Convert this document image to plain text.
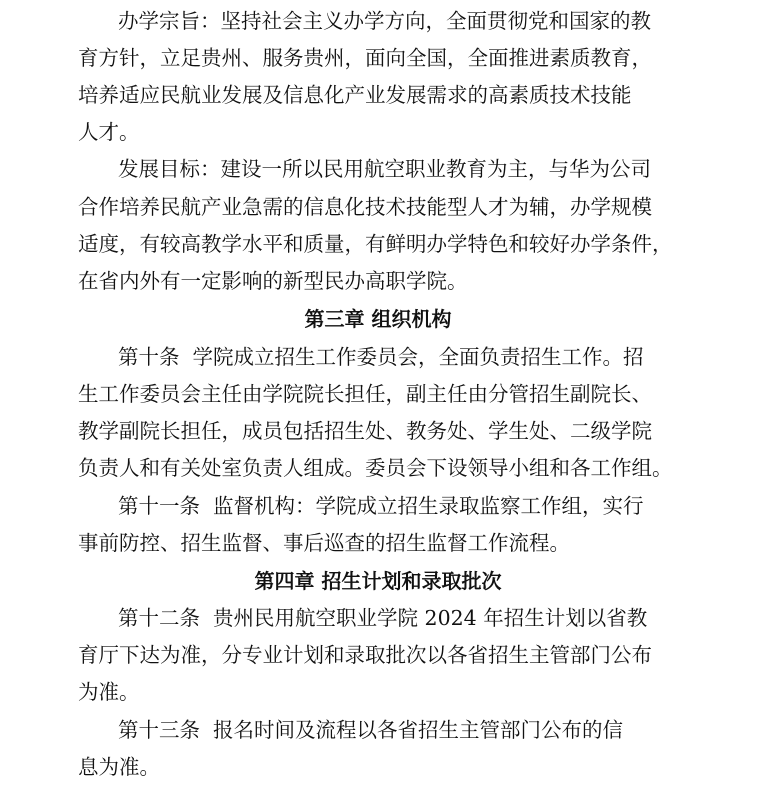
办学宗旨：坚持社会主义办学方向，全面贯彻党和国家的教
育方针，立足贵州、服务贵州，面向全国，全面推进素质教育，
培养适应民航业发展及信息化产业发展需求的高素质技术技能
人才。
发展目标：建设一所以民用航空职业教育为主，与华为公司
合作培养民航产业急需的信息化技术技能型人才为辅，办学规模
适度，有较高教学水平和质量，有鲜明办学特色和较好办学条件，
在省内外有一定影响的新型民办高职学院。
第三章 组织机构
第十条  学院成立招生工作委员会，全面负责招生工作。招
生工作委员会主任由学院院长担任，副主任由分管招生副院长、
教学副院长担任，成员包括招生处、教务处、学生处、二级学院
负责人和有关处室负责人组成。委员会下设领导小组和各工作组。
第十一条  监督机构：学院成立招生录取监察工作组，实行
事前防控、招生监督、事后巡查的招生监督工作流程。
第四章 招生计划和录取批次
第十二条  贵州民用航空职业学院 2024 年招生计划以省教
育厅下达为准，分专业计划和录取批次以各省招生主管部门公布
为准。
第十三条  报名时间及流程以各省招生主管部门公布的信
息为准。
